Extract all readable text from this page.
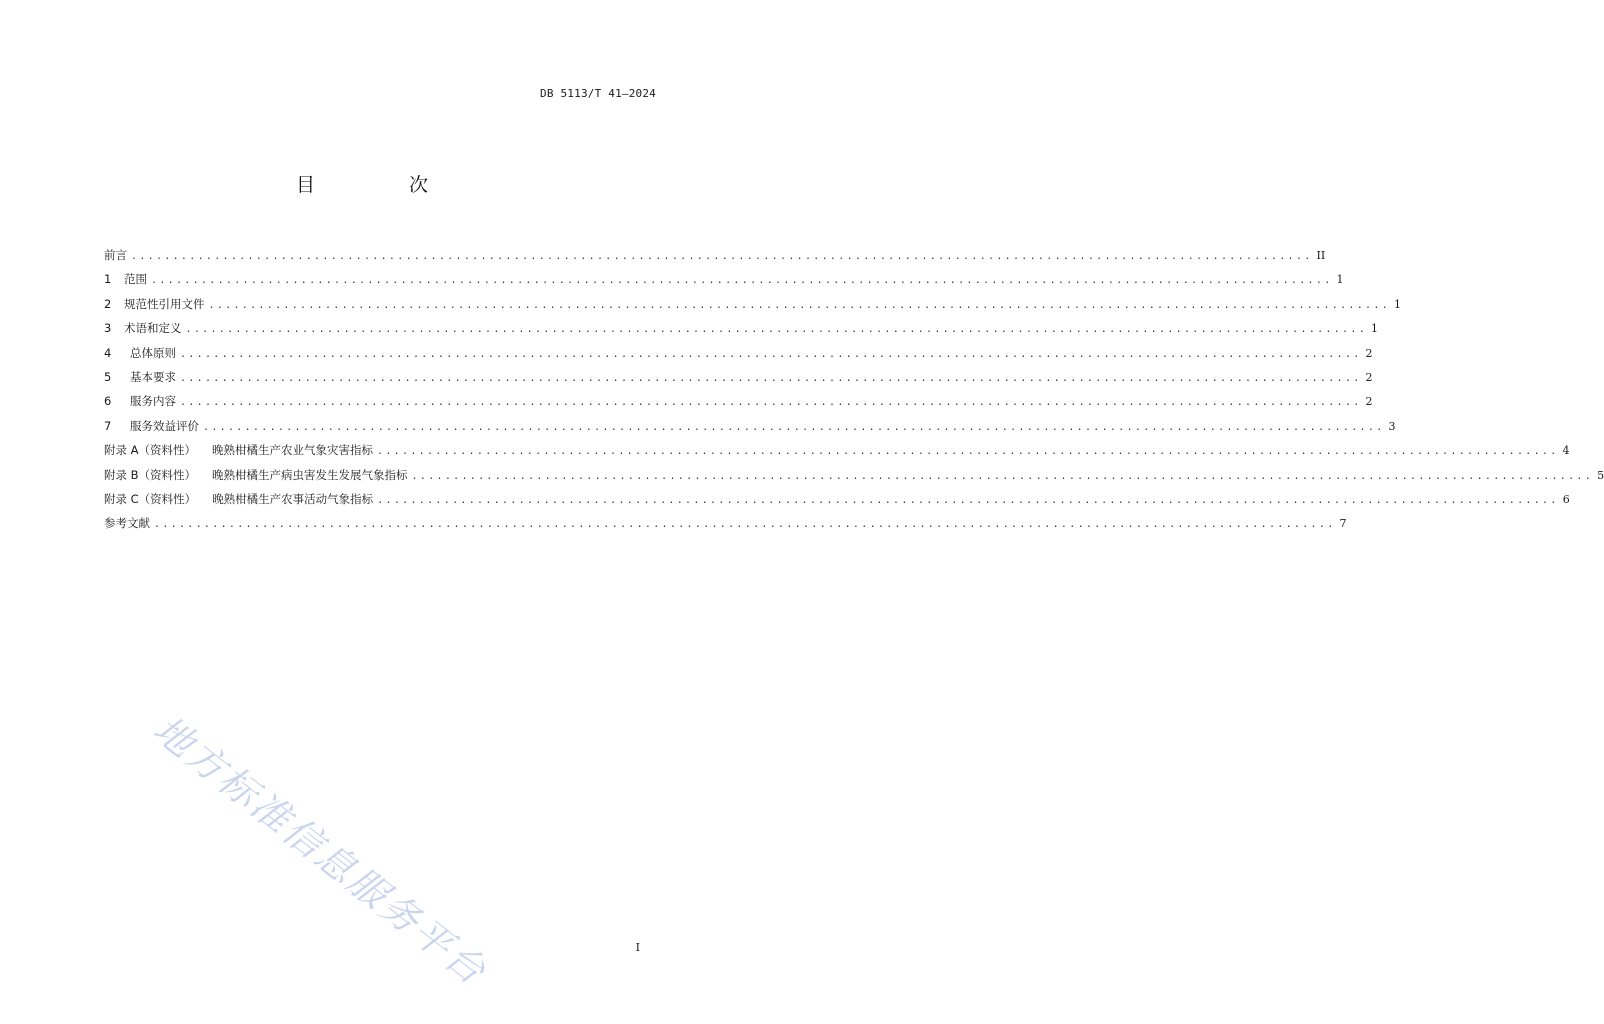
DB 5113/T 41—2024
目 次
前言 .............................................................................................................................................. II
1 范围 .............................................................................................................................................. 1
2 规范性引用文件 .............................................................................................................................................. 1
3 术语和定义 .............................................................................................................................................. 1
4 总体原则 .............................................................................................................................................. 2
5 基本要求 .............................................................................................................................................. 2
6 服务内容 .............................................................................................................................................. 2
7 服务效益评价 .............................................................................................................................................. 3
附录 A（资料性） 晚熟柑橘生产农业气象灾害指标 .............................................................................................................................................. 4
附录 B（资料性） 晚熟柑橘生产病虫害发生发展气象指标 .............................................................................................................................................. 5
附录 C（资料性） 晚熟柑橘生产农事活动气象指标 .............................................................................................................................................. 6
参考文献 .............................................................................................................................................. 7
地方标准信息服务平台	I
